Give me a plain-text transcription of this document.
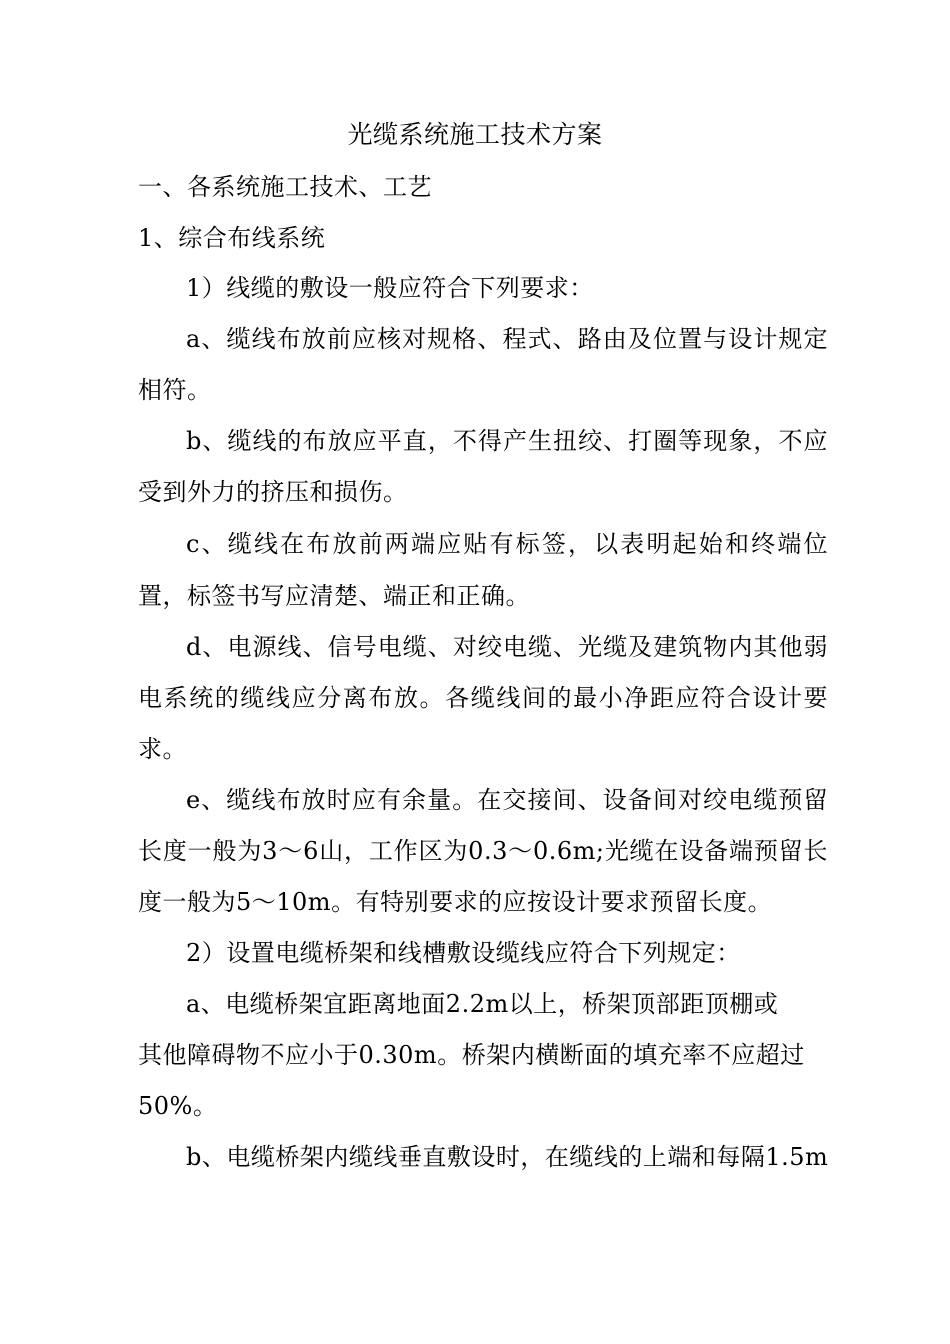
光缆系统施工技术方案
一、各系统施工技术、工艺
1、综合布线系统
1）线缆的敷设一般应符合下列要求：
a、缆线布放前应核对规格、程式、路由及位置与设计规定
相符。
b、缆线的布放应平直，不得产生扭绞、打圈等现象，不应
受到外力的挤压和损伤。
c、缆线在布放前两端应贴有标签，以表明起始和终端位
置，标签书写应清楚、端正和正确。
d、电源线、信号电缆、对绞电缆、光缆及建筑物内其他弱
电系统的缆线应分离布放。各缆线间的最小净距应符合设计要
求。
e、缆线布放时应有余量。在交接间、设备间对绞电缆预留
长度一般为3〜6山，工作区为0.3〜0.6m;光缆在设备端预留长
度一般为5〜10m。有特别要求的应按设计要求预留长度。
2）设置电缆桥架和线槽敷设缆线应符合下列规定：
a、电缆桥架宜距离地面2.2m以上，桥架顶部距顶棚或
其他障碍物不应小于0.30m。桥架内横断面的填充率不应超过
50%。
b、电缆桥架内缆线垂直敷设时，在缆线的上端和每隔1.5m
